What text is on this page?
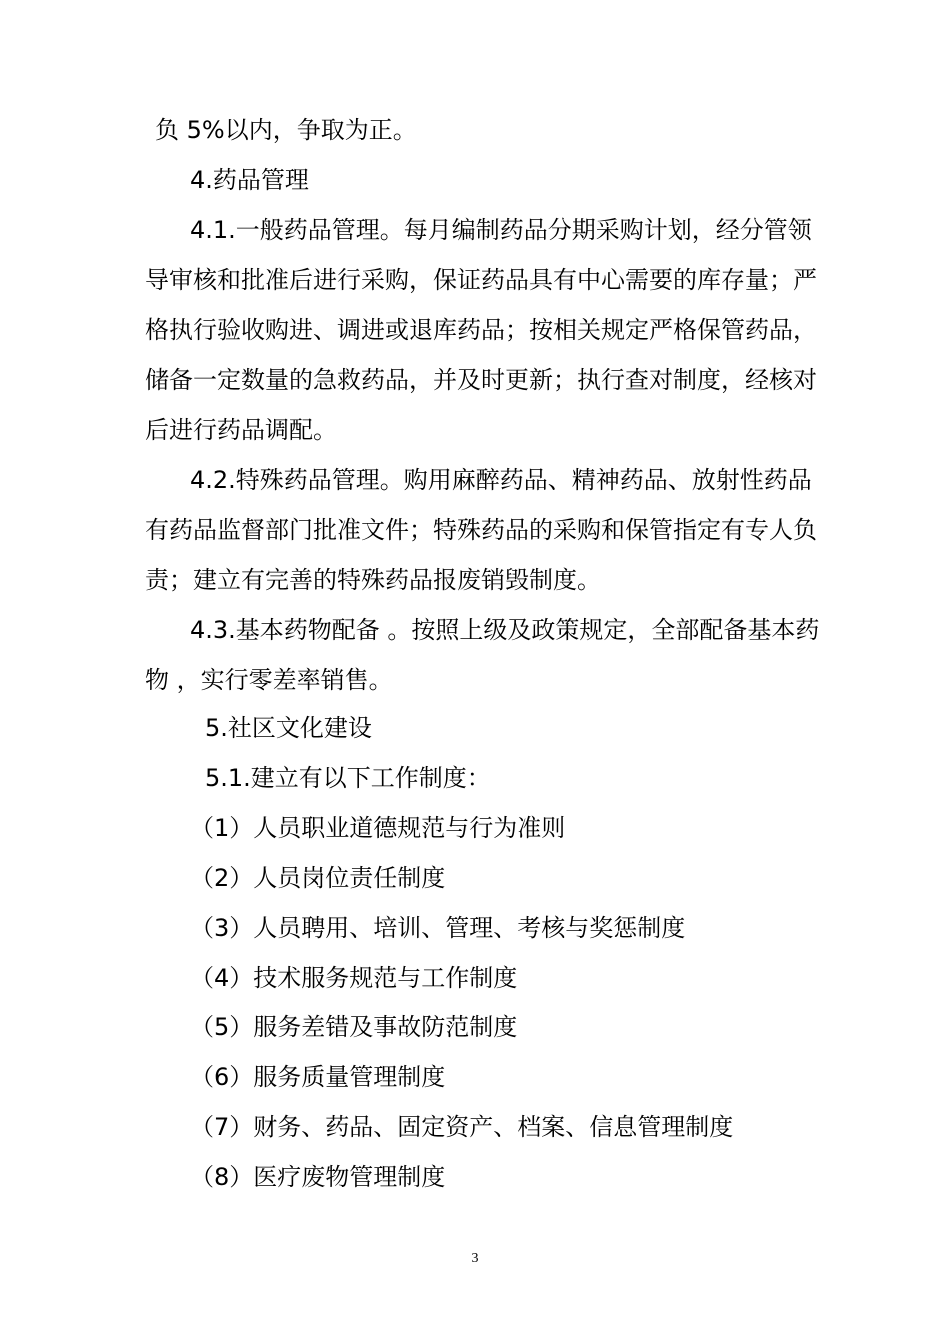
负 5%以内，争取为正。
4.药品管理
4.1.一般药品管理。每月编制药品分期采购计划，经分管领
导审核和批准后进行采购，保证药品具有中心需要的库存量；严
格执行验收购进、调进或退库药品；按相关规定严格保管药品，
储备一定数量的急救药品，并及时更新；执行查对制度，经核对
后进行药品调配。
4.2.特殊药品管理。购用麻醉药品、精神药品、放射性药品
有药品监督部门批准文件；特殊药品的采购和保管指定有专人负
责；建立有完善的特殊药品报废销毁制度。
4.3.基本药物配备 。按照上级及政策规定，全部配备基本药
物 ，实行零差率销售。
5.社区文化建设
5.1.建立有以下工作制度：
（1）人员职业道德规范与行为准则
（2）人员岗位责任制度
（3）人员聘用、培训、管理、考核与奖惩制度
（4）技术服务规范与工作制度
（5）服务差错及事故防范制度
（6）服务质量管理制度
（7）财务、药品、固定资产、档案、信息管理制度
（8）医疗废物管理制度
3
